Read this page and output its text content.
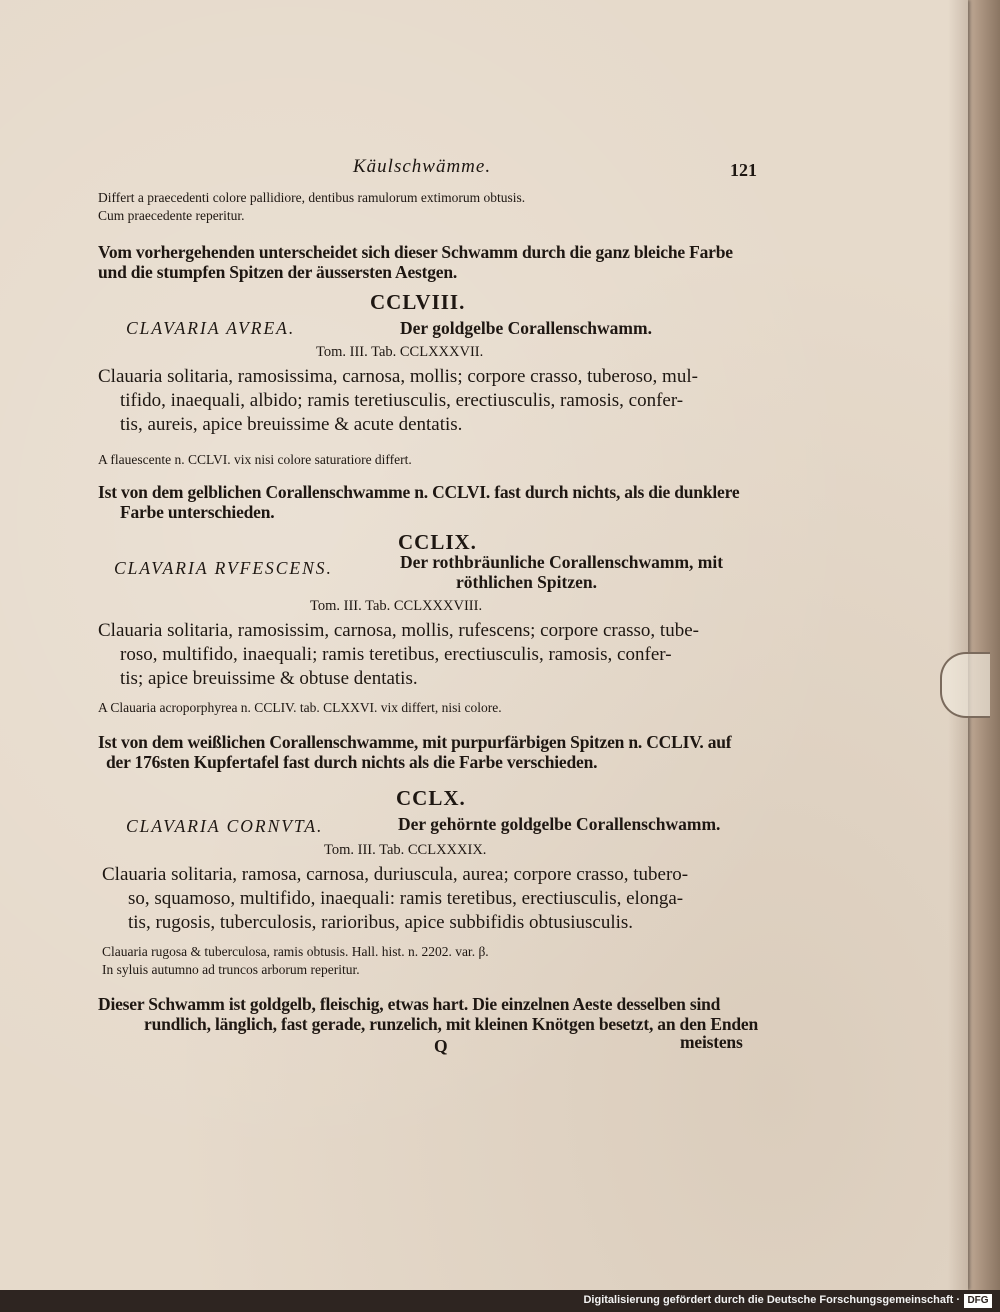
Käulschwämme.	121
Differt a praecedenti colore pallidiore, dentibus ramulorum extimorum obtusis.
Cum praecedente reperitur.
Vom vorhergehenden unterscheidet sich dieser Schwamm durch die ganz bleiche Farbe
und die stumpfen Spitzen der äussersten Aestgen.
CCLVIII.
CLAVARIA AVREA.	Der goldgelbe Corallenschwamm.
Tom. III. Tab. CCLXXXVII.
Clauaria solitaria, ramosissima, carnosa, mollis; corpore crasso, tuberoso, mul-
tifido, inaequali, albido; ramis teretiusculis, erectiusculis, ramosis, confer-
tis, aureis, apice breuissime & acute dentatis.
A flauescente n. CCLVI. vix nisi colore saturatiore differt.
Ist von dem gelblichen Corallenschwamme n. CCLVI. fast durch nichts, als die dunklere
Farbe unterschieden.
CCLIX.
CLAVARIA RVFESCENS.	Der rothbräunliche Corallenschwamm, mit
röthlichen Spitzen.
Tom. III. Tab. CCLXXXVIII.
Clauaria solitaria, ramosissim, carnosa, mollis, rufescens; corpore crasso, tube-
roso, multifido, inaequali; ramis teretibus, erectiusculis, ramosis, confer-
tis; apice breuissime & obtuse dentatis.
A Clauaria acroporphyrea n. CCLIV. tab. CLXXVI. vix differt, nisi colore.
Ist von dem weißlichen Corallenschwamme, mit purpurfärbigen Spitzen n. CCLIV. auf
der 176sten Kupfertafel fast durch nichts als die Farbe verschieden.
CCLX.
CLAVARIA CORNVTA.	Der gehörnte goldgelbe Corallenschwamm.
Tom. III. Tab. CCLXXXIX.
Clauaria solitaria, ramosa, carnosa, duriuscula, aurea; corpore crasso, tubero-
so, squamoso, multifido, inaequali: ramis teretibus, erectiusculis, elonga-
tis, rugosis, tuberculosis, rarioribus, apice subbifidis obtusiusculis.
Clauaria rugosa & tuberculosa, ramis obtusis. Hall. hist. n. 2202. var. β.
In syluis autumno ad truncos arborum reperitur.
Dieser Schwamm ist goldgelb, fleischig, etwas hart. Die einzelnen Aeste desselben sind
rundlich, länglich, fast gerade, runzelich, mit kleinen Knötgen besetzt, an den Enden
Q	meistens
Digitalisierung gefördert durch die Deutsche Forschungsgemeinschaft · DFG
